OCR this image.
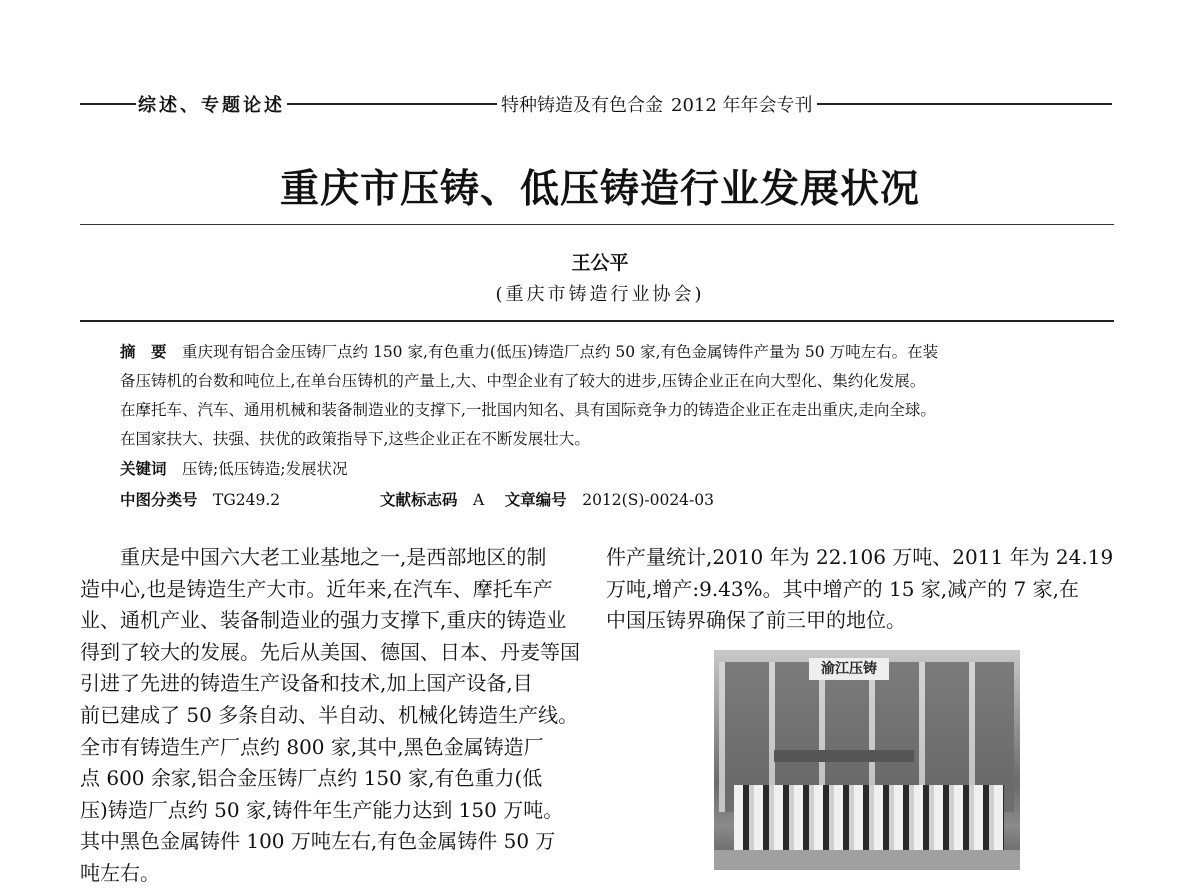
综述、专题论述	特种铸造及有色合金 2012 年年会专刊
重庆市压铸、低压铸造行业发展状况
王公平
(重庆市铸造行业协会)
摘　要　 重庆现有铝合金压铸厂点约 150 家,有色重力(低压)铸造厂点约 50 家,有色金属铸件产量为 50 万吨左右。在装
备压铸机的台数和吨位上,在单台压铸机的产量上,大、中型企业有了较大的进步,压铸企业正在向大型化、集约化发展。
在摩托车、汽车、通用机械和装备制造业的支撑下,一批国内知名、具有国际竞争力的铸造企业正在走出重庆,走向全球。
在国家扶大、扶强、扶优的政策指导下,这些企业正在不断发展壮大。
关键词　 压铸;低压铸造;发展状况
中图分类号　 TG249.2	文献标志码　 A　 文章编号　 2012(S)-0024-03
　　重庆是中国六大老工业基地之一,是西部地区的制
造中心,也是铸造生产大市。近年来,在汽车、摩托车产
业、通机产业、装备制造业的强力支撑下,重庆的铸造业
得到了较大的发展。先后从美国、德国、日本、丹麦等国
引进了先进的铸造生产设备和技术,加上国产设备,目
前已建成了 50 多条自动、半自动、机械化铸造生产线。
全市有铸造生产厂点约 800 家,其中,黑色金属铸造厂
点 600 余家,铝合金压铸厂点约 150 家,有色重力(低
压)铸造厂点约 50 家,铸件年生产能力达到 150 万吨。
其中黑色金属铸件 100 万吨左右,有色金属铸件 50 万
吨左右。
件产量统计,2010 年为 22.106 万吨、2011 年为 24.19
万吨,增产:9.43%。其中增产的 15 家,减产的 7 家,在
中国压铸界确保了前三甲的地位。
渝江压铸
